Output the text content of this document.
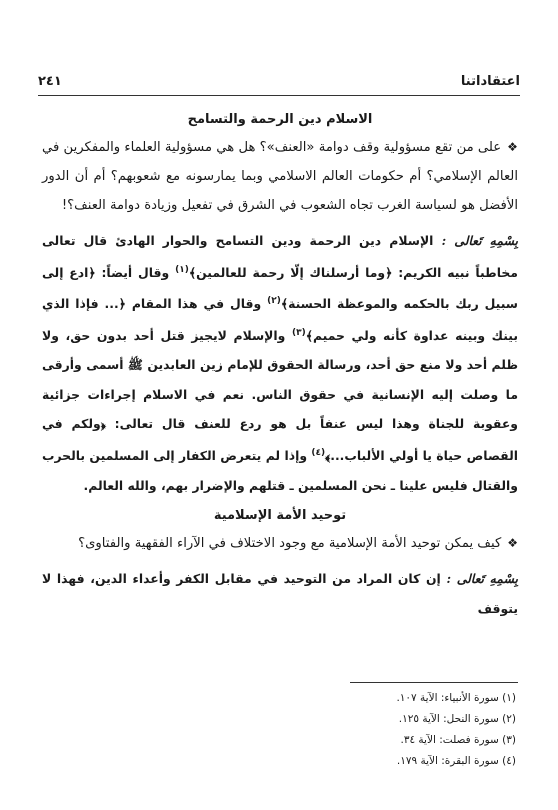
اعتقاداتنا
٢٤١
الاسلام دين الرحمة والتسامح

❖على من تقع مسؤولية وقف دوامة «العنف»؟ هل هي مسؤولية العلماء والمفكرين في العالم الإسلامي؟ أم حكومات العالم الاسلامي وبما يمارسونه مع شعوبهم؟ أم أن الدور الأفضل هو لسياسة الغرب تجاه الشعوب في الشرق في تفعيل وزيادة دوامة العنف؟!

بِسْمِهِ تَعالى : الإسلام دين الرحمة ودين التسامح والحوار الهادئ قال تعالى مخاطباً نبيه الكريم: ﴿وما أرسلناك إلّا رحمة للعالمين﴾$^{(١)}$ وقال أيضاً: ﴿ادع إلى سبيل ربك بالحكمه والموعظة الحسنة﴾$^{(٢)}$ وقال في هذا المقام ﴿... فإذا الذي بينك وبينه عداوة كأنه ولي حميم﴾$^{(٣)}$ والإسلام لايجيز قتل أحد بدون حق، ولا ظلم أحد ولا منع حق أحد، ورسالة الحقوق للإمام زين العابدين ﷺ أسمى وأرقى ما وصلت إليه الإنسانية في حقوق الناس. نعم في الاسلام إجراءات جزائية وعقوبة للجناة وهذا ليس عنفاً بل هو ردع للعنف قال تعالى: ﴿ولكم في القصاص حياة يا أولي الألباب...﴾$^{(٤)}$ وإذا لم يتعرض الكفار إلى المسلمين بالحرب والقتال فليس علينا ـ نحن المسلمين ـ قتلهم والإضرار بهم، والله العالم.

توحيد الأمة الإسلامية

❖كيف يمكن توحيد الأمة الإسلامية مع وجود الاختلاف في الآراء الفقهية والفتاوى؟

بِسْمِهِ تَعالى : إن كان المراد من التوحيد في مقابل الكفر وأعداء الدين، فهذا لا يتوقف

(١) سورة الأنبياء: الآية ١٠٧.
(٢) سورة النحل: الآية ١٢٥.
(٣) سورة فصلت: الآية ٣٤.
(٤) سورة البقرة: الآية ١٧٩.
